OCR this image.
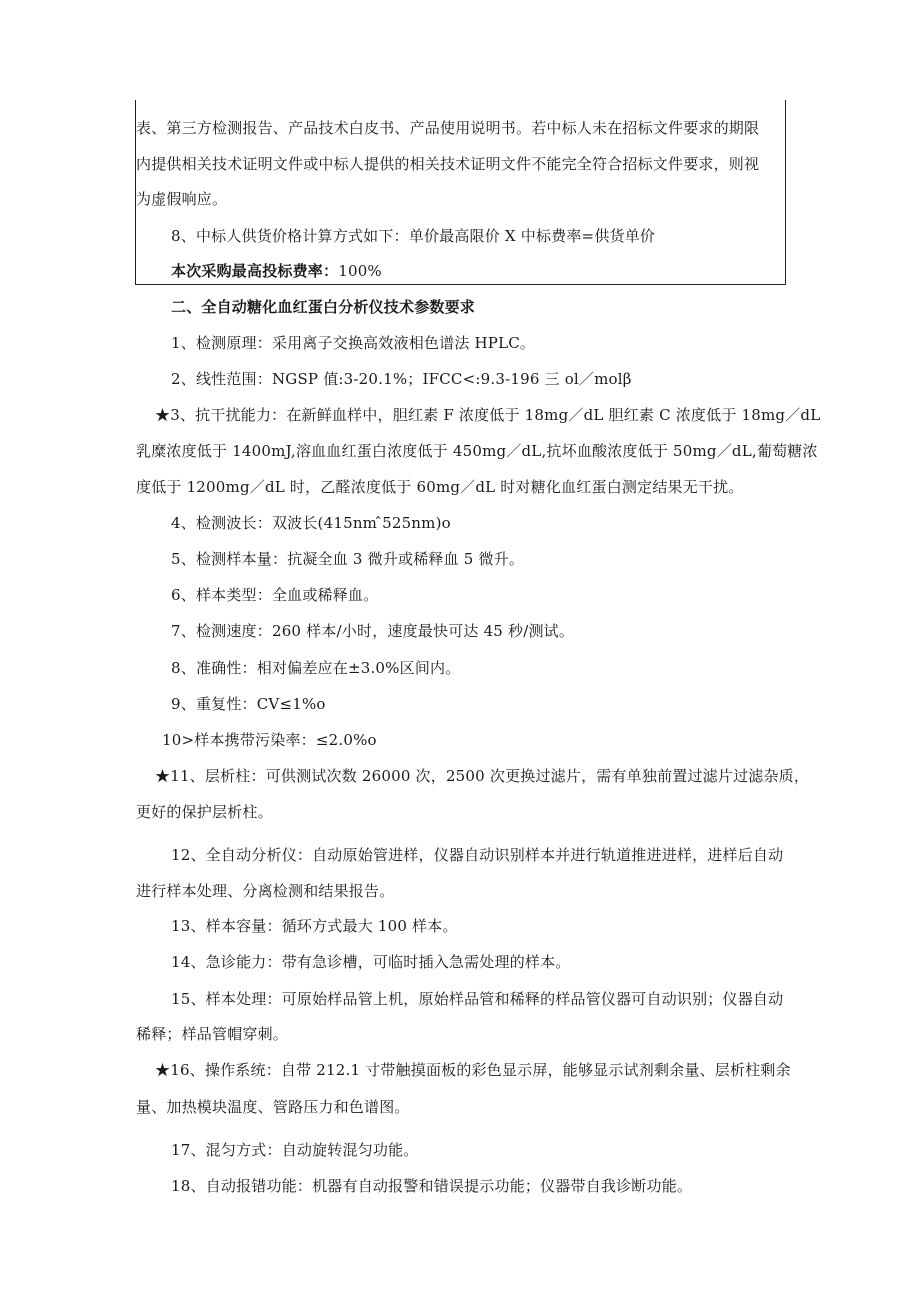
表、第三方检测报告、产品技术白皮书、产品使用说明书。若中标人未在招标文件要求的期限
内提供相关技术证明文件或中标人提供的相关技术证明文件不能完全符合招标文件要求，则视
为虚假响应。
8、中标人供货价格计算方式如下：单价最高限价 X 中标费率=供货单价
本次采购最高投标费率：100%
二、全自动糖化血红蛋白分析仪技术参数要求
1、检测原理：采用离子交换高效液相色谱法 HPLC。
2、线性范围：NGSP 值:3-20.1%；IFCC<:9.3-196 三 ol／molβ
★3、抗干扰能力：在新鲜血样中，胆红素 F 浓度低于 18mg／dL 胆红素 C 浓度低于 18mg／dL
乳糜浓度低于 1400mJ,溶血血红蛋白浓度低于 450mg／dL,抗坏血酸浓度低于 50mg／dL,葡萄糖浓
度低于 1200mg／dL 时，乙醛浓度低于 60mg／dL 时对糖化血红蛋白测定结果无干扰。
4、检测波长：双波长(415nm ̂525nm)o
5、检测样本量：抗凝全血 3 微升或稀释血 5 微升。
6、样本类型：全血或稀释血。
7、检测速度：260 样本/小时，速度最快可达 45 秒/测试。
8、准确性：相对偏差应在±3.0%区间内。
9、重复性：CV≤1%o
10>样本携带污染率：≤2.0%o
★11、层析柱：可供测试次数 26000 次，2500 次更换过滤片，需有单独前置过滤片过滤杂质，
更好的保护层析柱。
12、全自动分析仪：自动原始管进样，仪器自动识别样本并进行轨道推进进样，进样后自动
进行样本处理、分离检测和结果报告。
13、样本容量：循环方式最大 100 样本。
14、急诊能力：带有急诊槽，可临时插入急需处理的样本。
15、样本处理：可原始样品管上机，原始样品管和稀释的样品管仪器可自动识别；仪器自动
稀释；样品管帽穿刺。
★16、操作系统：自带 212.1 寸带触摸面板的彩色显示屏，能够显示试剂剩余量、层析柱剩余
量、加热模块温度、管路压力和色谱图。
17、混匀方式：自动旋转混匀功能。
18、自动报错功能：机器有自动报警和错误提示功能；仪器带自我诊断功能。
